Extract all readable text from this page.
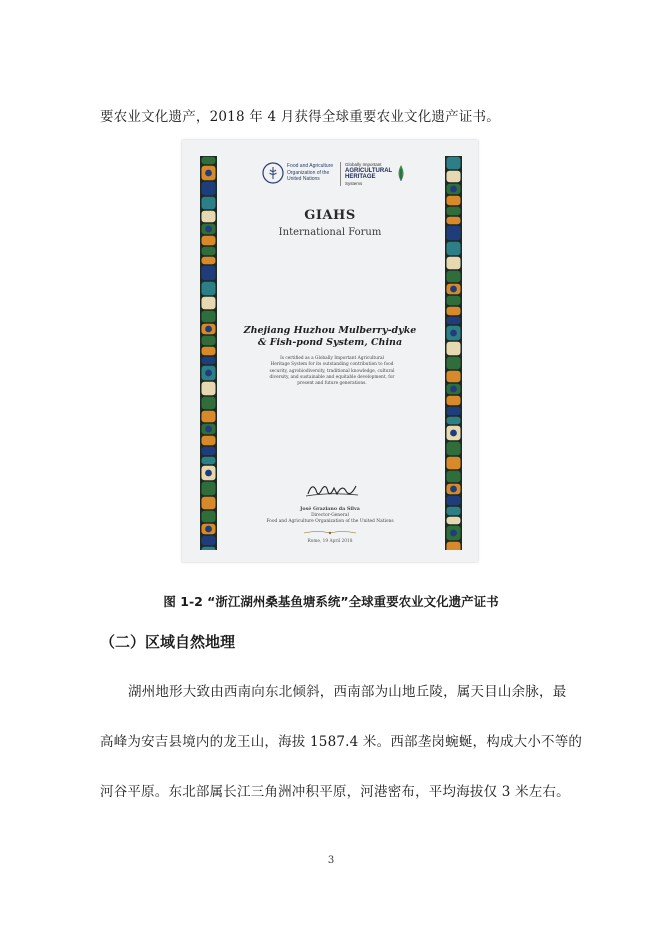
要农业文化遗产，2018 年 4 月获得全球重要农业文化遗产证书。
Food and Agriculture
Organization of the
United Nations
Globally Important
AGRICULTURAL
HERITAGE
Systems
GIAHS
International Forum
Zhejiang Huzhou Mulberry-dyke
& Fish-pond System, China
Is certified as a Globally Important Agricultural
Heritage System for its outstanding contribution to food
security, agrobiodiversity, traditional knowledge, cultural
diversity, and sustainable and equitable development, for
present and future generations.
José Graziano da Silva
Director-General
Food and Agriculture Organization of the United Nations
Rome, 19 April 2018
图 1-2 “浙江湖州桑基鱼塘系统”全球重要农业文化遗产证书
（二）区域自然地理
湖州地形大致由西南向东北倾斜，西南部为山地丘陵，属天目山余脉，最
高峰为安吉县境内的龙王山，海拔 1587.4 米。西部垄岗蜿蜒，构成大小不等的
河谷平原。东北部属长江三角洲冲积平原，河港密布，平均海拔仅 3 米左右。
3
